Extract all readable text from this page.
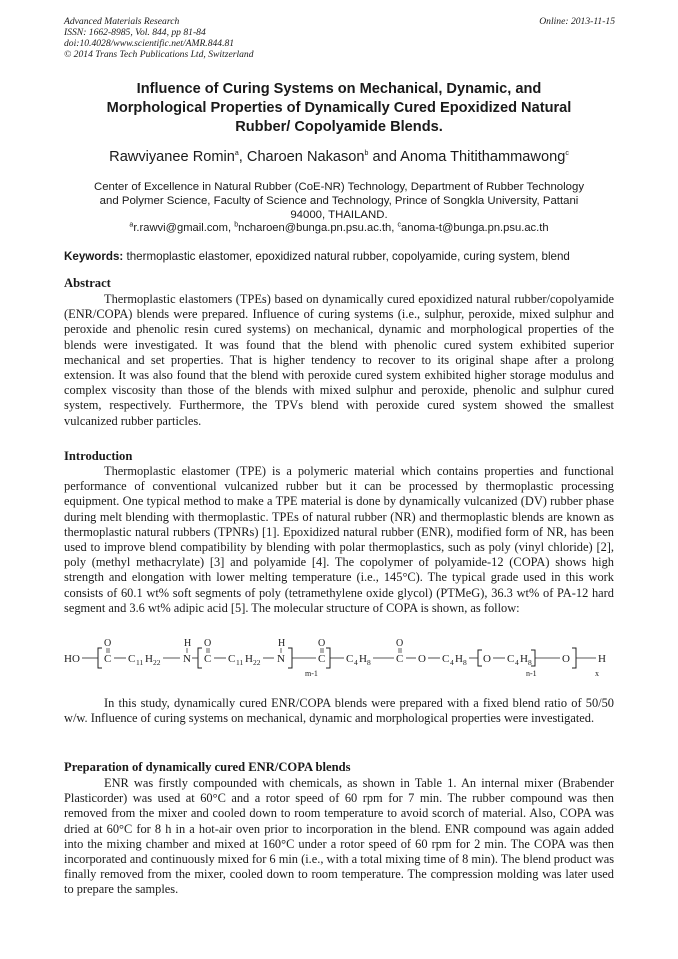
Advanced Materials Research
ISSN: 1662-8985, Vol. 844, pp 81-84
doi:10.4028/www.scientific.net/AMR.844.81
© 2014 Trans Tech Publications Ltd, Switzerland
Online: 2013-11-15
Influence of Curing Systems on Mechanical, Dynamic, and
Morphological Properties of Dynamically Cured Epoxidized Natural
Rubber/ Copolyamide Blends.
Rawviyanee Romin$^a$, Charoen Nakason$^b$ and Anoma Thitithammawong$^c$
Center of Excellence in Natural Rubber (CoE-NR) Technology, Department of Rubber Technology
and Polymer Science, Faculty of Science and Technology, Prince of Songkla University, Pattani
94000, THAILAND.
$^a$r.rawvi@gmail.com, $^b$ncharoen@bunga.pn.psu.ac.th, $^c$anoma-t@bunga.pn.psu.ac.th
Keywords: thermoplastic elastomer, epoxidized natural rubber, copolyamide, curing system, blend
Abstract
Thermoplastic elastomers (TPEs) based on dynamically cured epoxidized natural rubber/copolyamide (ENR/COPA) blends were prepared. Influence of curing systems (i.e., sulphur, peroxide, mixed sulphur and peroxide and phenolic resin cured systems) on mechanical, dynamic and morphological properties of the blends were investigated. It was found that the blend with phenolic cured system exhibited superior mechanical and set properties. That is higher tendency to recover to its original shape after a prolong extension. It was also found that the blend with peroxide cured system exhibited higher storage modulus and complex viscosity than those of the blends with mixed sulphur and peroxide, phenolic and sulphur cured system, respectively. Furthermore, the TPVs blend with peroxide cured system showed the smallest vulcanized rubber particles.
Introduction
Thermoplastic elastomer (TPE) is a polymeric material which contains properties and functional performance of conventional vulcanized rubber but it can be processed by thermoplastic processing equipment. One typical method to make a TPE material is done by dynamically vulcanized (DV) rubber phase during melt blending with thermoplastic. TPEs of natural rubber (NR) and thermoplastic blends are known as thermoplastic natural rubbers (TPNRs) [1]. Epoxidized natural rubber (ENR), modified form of NR, has been used to improve blend compatibility by blending with polar thermoplastics, such as poly (vinyl chloride) [2], poly (methyl methacrylate) [3] and polyamide [4]. The copolymer of polyamide-12 (COPA) shows high strength and elongation with lower melting temperature (i.e., 145°C). The typical grade used in this work consists of 60.1 wt% soft segments of poly (tetramethylene oxide glycol) (PTMeG), 36.3 wt% of PA-12 hard segment and 3.6 wt% adipic acid [5]. The molecular structure of COPA is shown, as follow:
HO C
O
C 11 H 22 N
H
C
O
C 11 H 22 N
H
C
O
m-1
C 4 H 8 C
O
O C 4 H 8 O C 4 H 8
n-1
O	H
x
In this study, dynamically cured ENR/COPA blends were prepared with a fixed blend ratio of 50/50 w/w. Influence of curing systems on mechanical, dynamic and morphological properties were investigated.
Preparation of dynamically cured ENR/COPA blends
ENR was firstly compounded with chemicals, as shown in Table 1. An internal mixer (Brabender Plasticorder) was used at 60°C and a rotor speed of 60 rpm for 7 min. The rubber compound was then removed from the mixer and cooled down to room temperature to avoid scorch of material. Also, COPA was dried at 60°C for 8 h in a hot-air oven prior to incorporation in the blend. ENR compound was again added into the mixing chamber and mixed at 160°C under a rotor speed of 60 rpm for 2 min. The COPA was then incorporated and continuously mixed for 6 min (i.e., with a total mixing time of 8 min). The blend product was finally removed from the mixer, cooled down to room temperature. The compression molding was later used to prepare the samples.
